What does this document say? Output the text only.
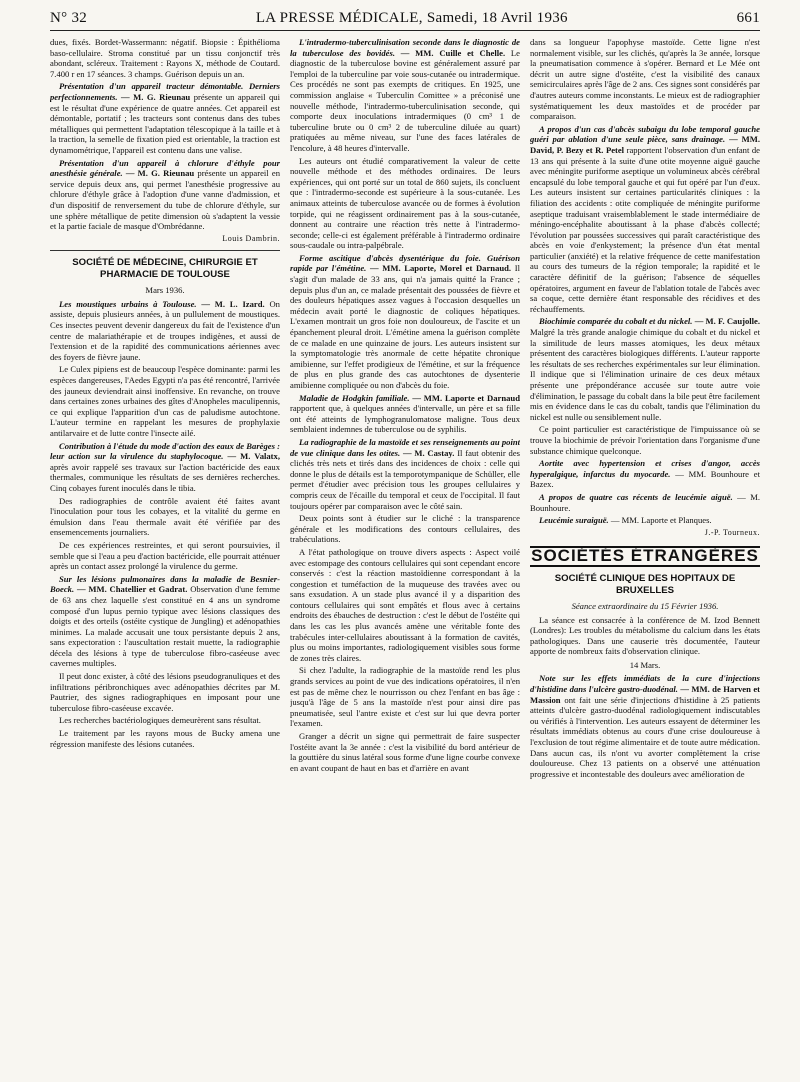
N° 32	LA PRESSE MÉDICALE, Samedi, 18 Avril 1936	661

dues, fixés. Bordet-Wassermann: négatif. Biopsie : Épithélioma baso-cellulaire. Stroma constitué par un tissu conjonctif très abondant, scléreux. Traitement : Rayons X, méthode de Coutard. 7.400 r en 17 séances. 3 champs. Guérison depuis un an.

Présentation d'un appareil tracteur démontable. Derniers perfectionnements. — M. G. Rieunau présente un appareil qui est le résultat d'une expérience de quatre années. Cet appareil est démontable, portatif ; les tracteurs sont contenus dans des tubes métalliques qui permettent l'adaptation télescopique à la taille et à la traction, la semelle de fixation pied est orientable, la traction est dynamométrique, l'appareil est contenu dans une valise.

Présentation d'un appareil à chlorure d'éthyle pour anesthésie générale. — M. G. Rieunau présente un appareil en service depuis deux ans, qui permet l'anesthésie progressive au chlorure d'éthyle grâce à l'adoption d'une vanne d'admission, et d'un dispositif de renversement du tube de chlorure d'éthyle, sur une sphère métallique de petite dimension où s'adaptent la vessie et la partie faciale de masque d'Ombrédanne.

Louis Dambrin.
SOCIÉTÉ DE MÉDECINE, CHIRURGIE ET PHARMACIE DE TOULOUSE
Mars 1936.

Les moustiques urbains à Toulouse. — M. L. Izard. On assiste, depuis plusieurs années, à un pullulement de moustiques. Ces insectes peuvent devenir dangereux du fait de l'existence d'un centre de malariathérapie et de troupes indigènes, et aussi de l'extension et de la rapidité des communications aériennes avec des foyers de fièvre jaune.

Le Culex pipiens est de beaucoup l'espèce dominante: parmi les espèces dangereuses, l'Aedes Egypti n'a pas été rencontré, l'arrivée des jauneux deviendrait ainsi inoffensive. En revanche, on trouve dans certaines zones urbaines des gîtes d'Anopheles maculipennis, ce qui explique l'apparition d'un cas de paludisme autochtone. L'auteur termine en rappelant les mesures de prophylaxie antilarvaire et de lutte contre l'insecte ailé.

Contribution à l'étude du mode d'action des eaux de Barèges : leur action sur la virulence du staphylocoque. — M. Valatx, après avoir rappelé ses travaux sur l'action bactéricide des eaux thermales, communique les résultats de ses dernières recherches. Cinq cobayes furent inoculés dans le tibia.

Des radiographies de contrôle avaient été faites avant l'inoculation pour tous les cobayes, et la vitalité du germe en émulsion dans l'eau thermale avait été vérifiée par des ensemencements journaliers.

De ces expériences restreintes, et qui seront poursuivies, il semble que si l'eau a peu d'action bactéricide, elle pourrait atténuer après un contact assez prolongé la virulence du germe.

Sur les lésions pulmonaires dans la maladie de Besnier-Boeck. — MM. Chatellier et Gadrat. Observation d'une femme de 63 ans chez laquelle s'est constitué en 4 ans un syndrome composé d'un lupus pernio typique avec lésions classiques des doigts et des orteils (ostéite cystique de Jungling) et adénopathies minimes. La malade accusait une toux persistante depuis 2 ans, sans expectoration : l'auscultation restait muette, la radiographie décela des lésions à type de tuberculose fibro-caséeuse avec cavernes multiples.

Il peut donc exister, à côté des lésions pseudogranuliques et des infiltrations péribronchiques avec adénopathies décrites par M. Pautrier, des signes radiographiques en imposant pour une tuberculose fibro-caséeuse excavée.

Les recherches bactériologiques demeurèrent sans résultat.

Le traitement par les rayons mous de Bucky amena une régression manifeste des lésions cutanées.

L'intradermo-tuberculinisation seconde dans le diagnostic de la tuberculose des bovidés. — MM. Cuille et Chelle. Le diagnostic de la tuberculose bovine est généralement assuré par l'emploi de la tuberculine par voie sous-cutanée ou intradermique. Ces procédés ne sont pas exempts de critiques. En 1925, une commission anglaise « Tuberculin Comittee » a préconisé une nouvelle méthode, l'intradermo-tuberculinisation seconde, qui comporte deux inoculations intradermiques (0 cm³ 1 de tuberculine brute ou 0 cm³ 2 de tuberculine diluée au quart) pratiquées au même niveau, sur l'une des faces latérales de l'encolure, à 48 heures d'intervalle.

Les auteurs ont étudié comparativement la valeur de cette nouvelle méthode et des méthodes ordinaires. De leurs expériences, qui ont porté sur un total de 860 sujets, ils concluent que : l'intradermo-seconde est supérieure à la sous-cutanée. Les animaux atteints de tuberculose avancée ou de formes à évolution torpide, qui ne réagissent ordinairement pas à la sous-cutanée, donnent au contraire une réaction très nette à l'intradermo-seconde; celle-ci est également préférable à l'intradermo ordinaire sous-caudale ou intra-palpébrale.

Forme ascitique d'abcès dysentérique du foie. Guérison rapide par l'émétine. — MM. Laporte, Morel et Darnaud. Il s'agit d'un malade de 33 ans, qui n'a jamais quitté la France ; depuis plus d'un an, ce malade présentait des poussées de fièvre et des douleurs hépatiques assez vagues à l'occasion desquelles un médecin avait porté le diagnostic de coliques hépatiques. L'examen montrait un gros foie non douloureux, de l'ascite et un épanchement pleural droit. L'émétine amena la guérison complète de ce malade en une quinzaine de jours. Les auteurs insistent sur la symptomatologie très anormale de cette hépatite chronique amibienne, sur l'effet prodigieux de l'émétine, et sur la fréquence de plus en plus grande des cas autochtones de dysenterie amibienne compliquée ou non d'abcès du foie.

Maladie de Hodgkin familiale. — MM. Laporte et Darnaud rapportent que, à quelques années d'intervalle, un père et sa fille ont été atteints de lymphogranulomatose maligne. Tous deux semblaient indemnes de tuberculose ou de syphilis.

La radiographie de la mastoïde et ses renseignements au point de vue clinique dans les otites. — M. Castay. Il faut obtenir des clichés très nets et tirés dans des incidences de choix : celle qui donne le plus de détails est la temporotympanique de Schüller, elle permet d'étudier avec précision tous les groupes cellulaires y compris ceux de l'écaille du temporal et ceux de l'occipital. Il faut toujours opérer par comparaison avec le côté sain.

Deux points sont à étudier sur le cliché : la transparence générale et les modifications des contours cellulaires, des trabéculations.

A l'état pathologique on trouve divers aspects : Aspect voilé avec estompage des contours cellulaires qui sont cependant encore conservés : c'est la réaction mastoïdienne correspondant à la congestion et tuméfaction de la muqueuse des travées avec ou sans exsudation. A un stade plus avancé il y a disparition des contours cellulaires qui sont empâtés et flous avec à certains endroits des ébauches de destruction : c'est le début de l'ostéite qui dans les cas les plus avancés amène une véritable fonte des trabécules inter-cellulaires aboutissant à la formation de cavités, plus ou moins importantes, radiologiquement visibles sous forme de zones très claires.

Si chez l'adulte, la radiographie de la mastoïde rend les plus grands services au point de vue des indications opératoires, il n'en est pas de même chez le nourrisson ou chez l'enfant en bas âge : jusqu'à l'âge de 5 ans la mastoïde n'est pour ainsi dire pas pneumatisée, seul l'antre existe et c'est sur lui que devra porter l'examen.

Granger a décrit un signe qui permettrait de faire suspecter l'ostéite avant la 3e année : c'est la visibilité du bord antérieur de la gouttière du sinus latéral sous forme d'une ligne courbe convexe en avant coupant de haut en bas et d'arrière en avant

dans sa longueur l'apophyse mastoïde. Cette ligne n'est normalement visible, sur les clichés, qu'après la 3e année, lorsque la pneumatisation commence à s'opérer. Bernard et Le Mée ont décrit un autre signe d'ostéite, c'est la visibilité des canaux semicirculaires après l'âge de 2 ans. Ces signes sont considérés par d'autres auteurs comme inconstants. Le mieux est de radiographier systématiquement les deux mastoïdes et de procéder par comparaison.

A propos d'un cas d'abcès subaigu du lobe temporal gauche guéri par ablation d'une seule pièce, sans drainage. — MM. David, P. Bezy et R. Petel rapportent l'observation d'un enfant de 13 ans qui présente à la suite d'une otite moyenne aiguë gauche avec méningite puriforme aseptique un volumineux abcès cérébral encapsulé du lobe temporal gauche et qui fut opéré par l'un d'eux. Les auteurs insistent sur certaines particularités cliniques : la filiation des accidents : otite compliquée de méningite puriforme aseptique traduisant vraisemblablement le stade intermédiaire de méningo-encéphalite aboutissant à la phase d'abcès collecté; l'évolution par poussées successives qui paraît caractéristique des abcès en voie d'enkystement; la présence d'un état mental particulier (anxiété) et la relative fréquence de cette manifestation au cours des tumeurs de la région temporale; la rapidité et le caractère définitif de la guérison; l'absence de séquelles opératoires, argument en faveur de l'ablation totale de l'abcès avec sa coque, cette dernière étant responsable des récidives et des réchauffements.

Biochimie comparée du cobalt et du nickel. — M. F. Caujolle. Malgré la très grande analogie chimique du cobalt et du nickel et la similitude de leurs masses atomiques, les deux métaux présentent des caractères biologiques différents. L'auteur rapporte les résultats de ses recherches expérimentales sur leur élimination. Il indique que si l'élimination urinaire de ces deux métaux présente une prépondérance accusée sur toute autre voie d'élimination, le passage du cobalt dans la bile peut être facilement mis en évidence dans le cas du cobalt, tandis que l'élimination du nickel est nulle ou sensiblement nulle.

Ce point particulier est caractéristique de l'impuissance où se trouve la biochimie de prévoir l'orientation dans l'organisme d'une substance chimique quelconque.

Aortite avec hypertension et crises d'angor, accès hyperalgique, infarctus du myocarde. — MM. Bounhoure et Bazex.

A propos de quatre cas récents de leucémie aiguë. — M. Bounhoure.

Leucémie suraiguë. — MM. Laporte et Planques.

J.-P. Tourneux.
SOCIÉTÉS ÉTRANGÈRES
SOCIÉTÉ CLINIQUE DES HOPITAUX DE BRUXELLES
Séance extraordinaire du 15 Février 1936.

La séance est consacrée à la conférence de M. Izod Bennett (Londres): Les troubles du métabolisme du calcium dans les états pathologiques. Dans une causerie très documentée, l'auteur apporte de nombreux faits d'observation clinique.

14 Mars.

Note sur les effets immédiats de la cure d'injections d'histidine dans l'ulcère gastro-duodénal. — MM. de Harven et Massion ont fait une série d'injections d'histidine à 25 patients atteints d'ulcère gastro-duodénal radiologiquement indiscutables ou vérifiés à l'intervention. Les auteurs essayent de déterminer les résultats immédiats obtenus au cours d'une crise douloureuse à l'exclusion de tout régime alimentaire et de toute autre médication. Dans aucun cas, ils n'ont vu avorter complètement la crise douloureuse. Chez 13 patients on a observé une atténuation progressive et incontestable des douleurs avec amélioration de
